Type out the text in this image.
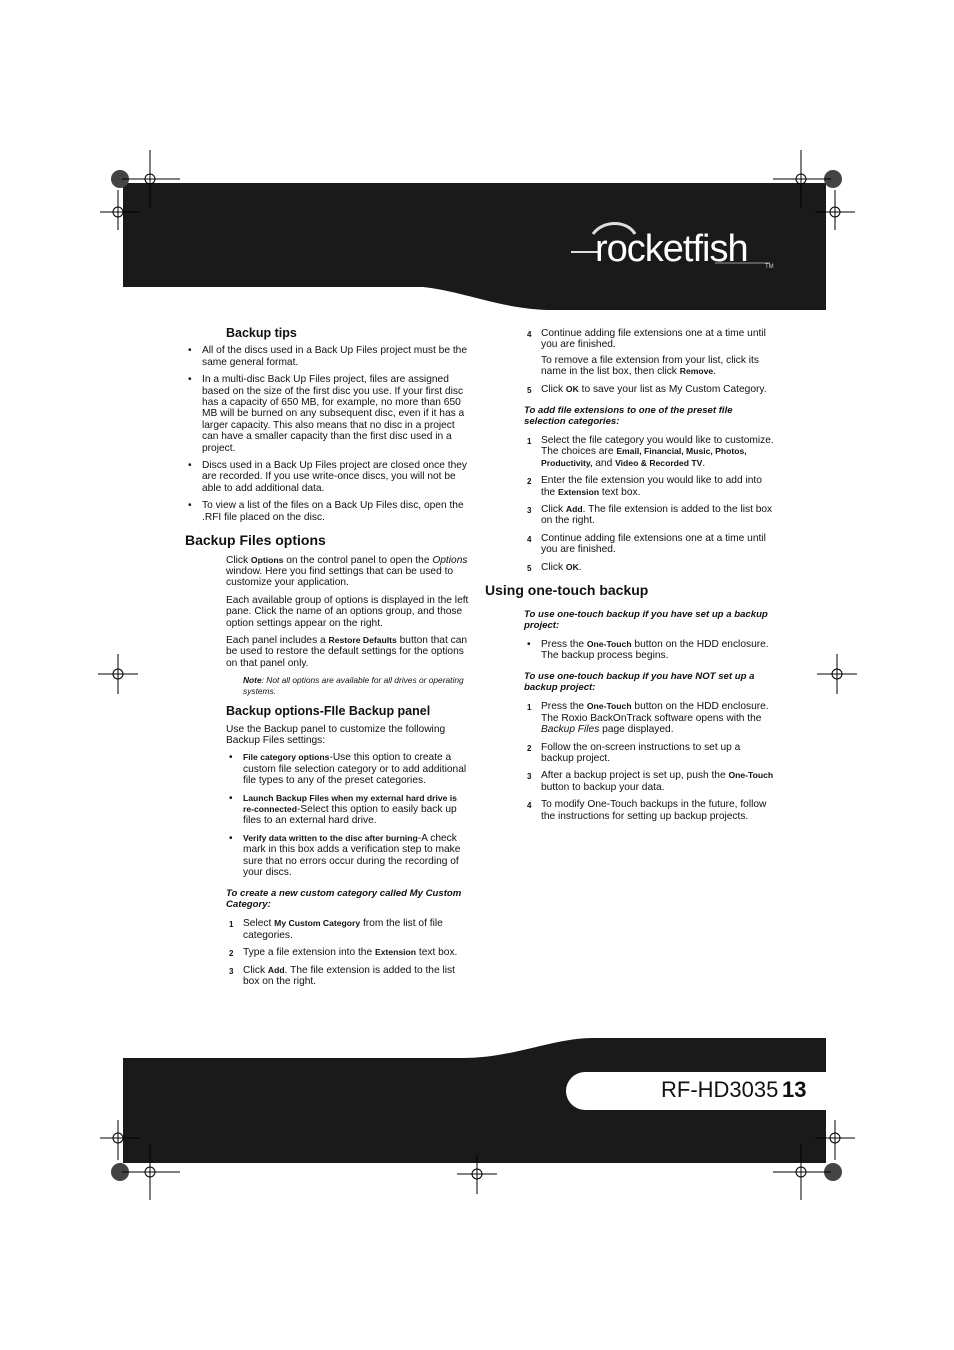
rocketfish	TM
RF-HD3035 13
Backup tips
• All of the discs used in a Back Up Files project must be the same general format.
• In a multi-disc Back Up Files project, files are assigned based on the size of the first disc you use. If your first disc has a capacity of 650 MB, for example, no more than 650 MB will be burned on any subsequent disc, even if it has a larger capacity. This also means that no disc in a project can have a smaller capacity than the first disc used in a project.
• Discs used in a Back Up Files project are closed once they are recorded. If you use write-once discs, you will not be able to add additional data.
• To view a list of the files on a Back Up Files disc, open the .RFI file placed on the disc.
Backup Files options

Click Options on the control panel to open the Options window. Here you find settings that can be used to customize your application.

Each available group of options is displayed in the left pane. Click the name of an options group, and those option settings appear on the right.

Each panel includes a Restore Defaults button that can be used to restore the default settings for the options on that panel only.

Note: Not all options are available for all drives or operating systems.

Backup options-FIle Backup panel

Use the Backup panel to customize the following Backup Files settings:

• File category options-Use this option to create a custom file selection category or to add additional file types to any of the preset categories.
• Launch Backup Files when my external hard drive is re-connected-Select this option to easily back up files to an external hard drive.
• Verify data written to the disc after burning-A check mark in this box adds a verification step to make sure that no errors occur during the recording of your discs.

To create a new custom category called My Custom Category:

1 Select My Custom Category from the list of file categories.
2 Type a file extension into the Extension text box.
3 Click Add. The file extension is added to the list box on the right.
4 Continue adding file extensions one at a time until you are finished.

To remove a file extension from your list, click its name in the list box, then click Remove.

5 Click OK to save your list as My Custom Category.

To add file extensions to one of the preset file selection categories:

1 Select the file category you would like to customize. The choices are Email, Financial, Music, Photos, Productivity, and Video & Recorded TV.
2 Enter the file extension you would like to add into the Extension text box.
3 Click Add. The file extension is added to the list box on the right.
4 Continue adding file extensions one at a time until you are finished.
5 Click OK.
Using one-touch backup

To use one-touch backup if you have set up a backup project:

• Press the One-Touch button on the HDD enclosure. The backup process begins.

To use one-touch backup if you have NOT set up a backup project:

1 Press the One-Touch button on the HDD enclosure. The Roxio BackOnTrack software opens with the Backup Files page displayed.
2 Follow the on-screen instructions to set up a backup project.
3 After a backup project is set up, push the One-Touch button to backup your data.
4 To modify One-Touch backups in the future, follow the instructions for setting up backup projects.
